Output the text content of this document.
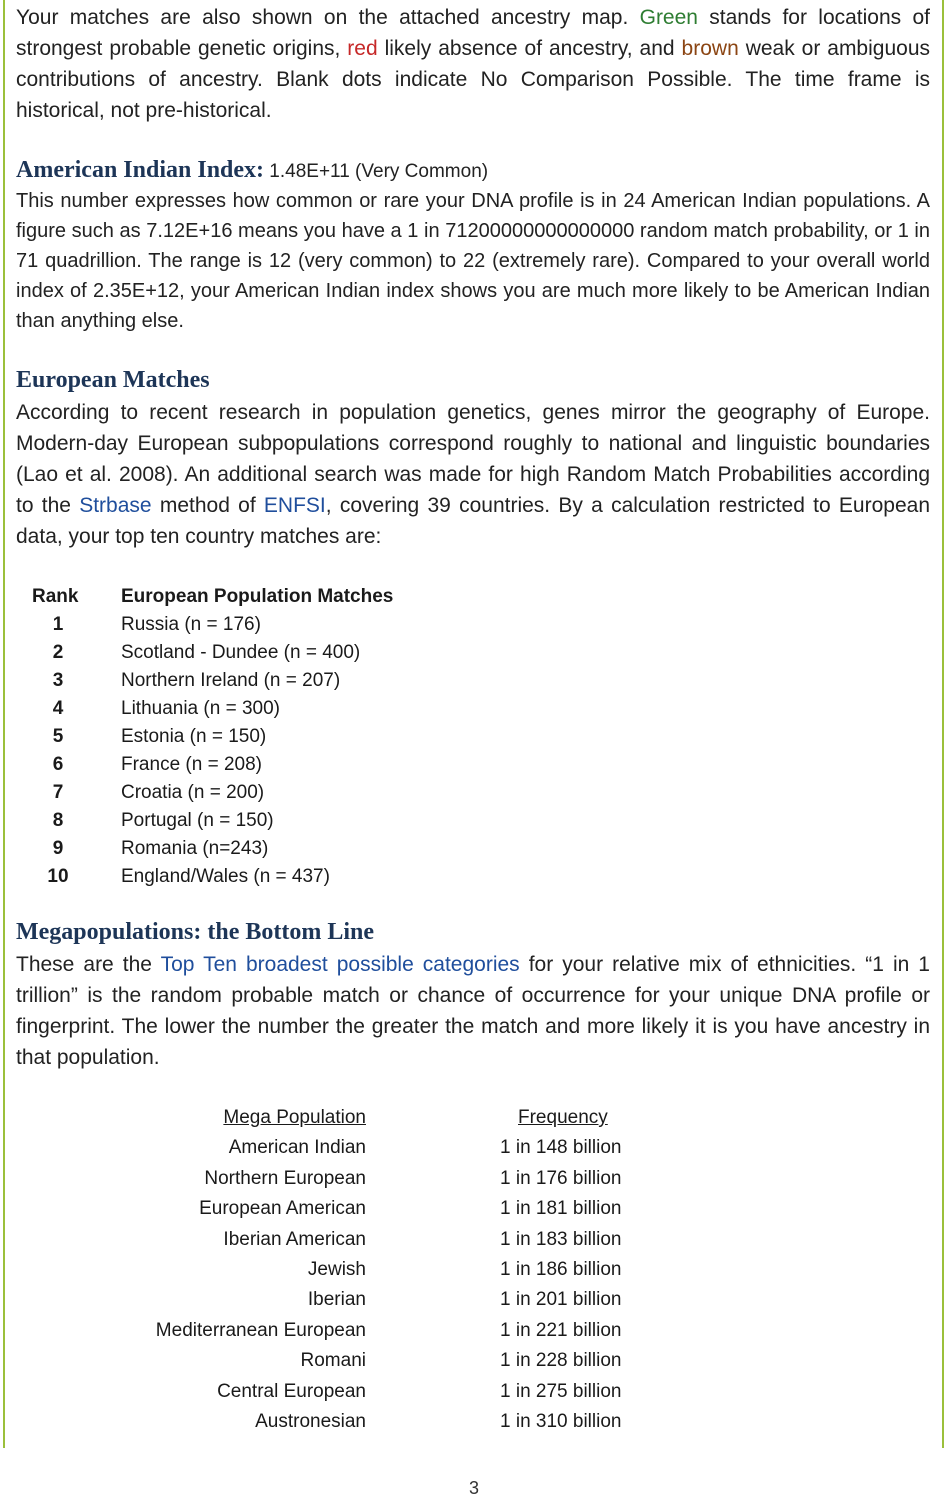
Your matches are also shown on the attached ancestry map. Green stands for locations of strongest probable genetic origins, red likely absence of ancestry, and brown weak or ambiguous contributions of ancestry. Blank dots indicate No Comparison Possible. The time frame is historical, not pre-historical.

American Indian Index: 1.48E+11 (Very Common)

This number expresses how common or rare your DNA profile is in 24 American Indian populations. A figure such as 7.12E+16 means you have a 1 in 71200000000000000 random match probability, or 1 in 71 quadrillion. The range is 12 (very common) to 22 (extremely rare). Compared to your overall world index of 2.35E+12, your American Indian index shows you are much more likely to be American Indian than anything else.

European Matches

According to recent research in population genetics, genes mirror the geography of Europe. Modern-day European subpopulations correspond roughly to national and linguistic boundaries (Lao et al. 2008). An additional search was made for high Random Match Probabilities according to the Strbase method of ENFSI, covering 39 countries. By a calculation restricted to European data, your top ten country matches are:

Rank	European Population Matches
1	Russia (n = 176)
2	Scotland - Dundee (n = 400)
3	Northern Ireland (n = 207)
4	Lithuania (n = 300)
5	Estonia (n = 150)
6	France (n = 208)
7	Croatia (n = 200)
8	Portugal (n = 150)
9	Romania (n=243)
10	England/Wales (n = 437)

Megapopulations: the Bottom Line

These are the Top Ten broadest possible categories for your relative mix of ethnicities. “1 in 1 trillion” is the random probable match or chance of occurrence for your unique DNA profile or fingerprint. The lower the number the greater the match and more likely it is you have ancestry in that population.

Mega Population	Frequency
American Indian	1 in 148 billion
Northern European	1 in 176 billion
European American	1 in 181 billion
Iberian American	1 in 183 billion
Jewish	1 in 186 billion
Iberian	1 in 201 billion
Mediterranean European	1 in 221 billion
Romani	1 in 228 billion
Central European	1 in 275 billion
Austronesian	1 in 310 billion
3
